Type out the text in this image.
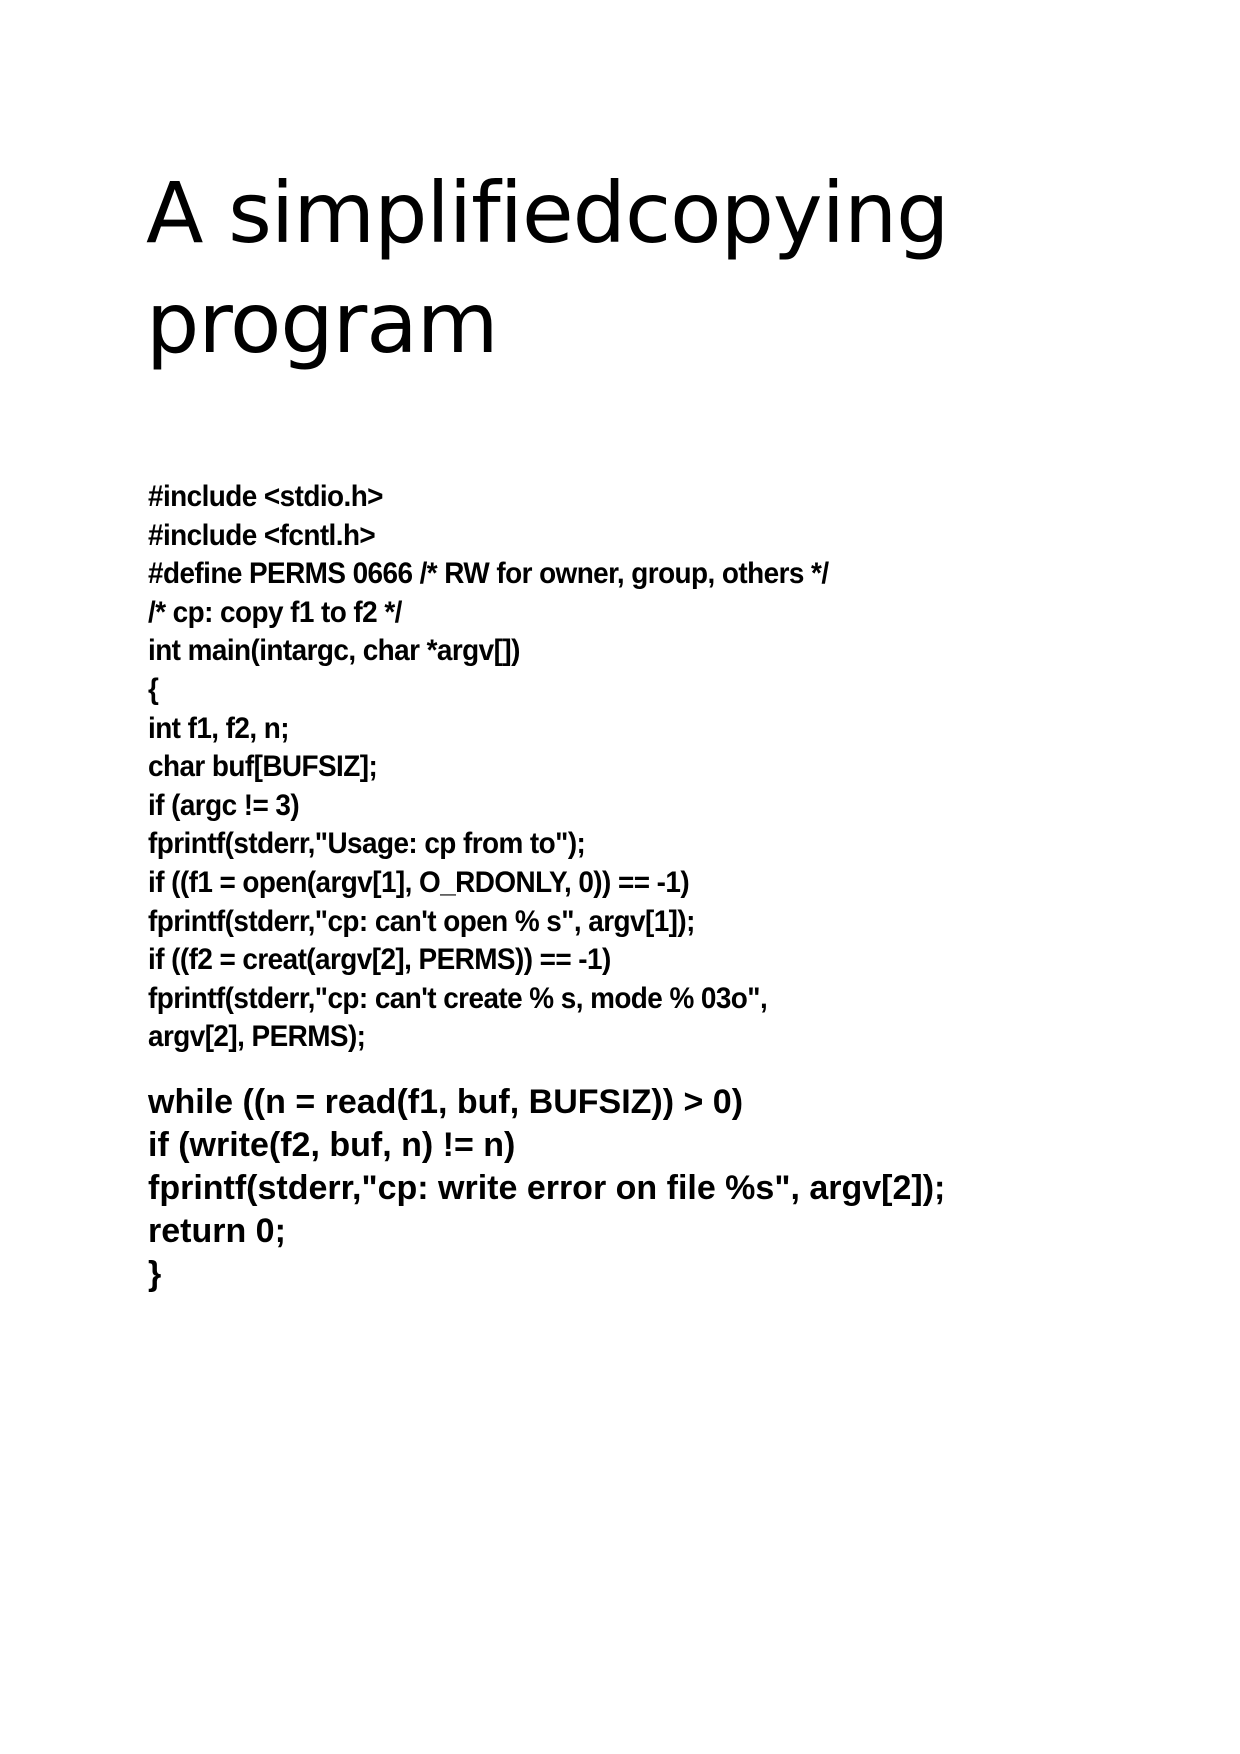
A simplifiedcopying
program
#include <stdio.h>
#include <fcntl.h>
#define PERMS 0666 /* RW for owner, group, others */
/* cp: copy f1 to f2 */
int main(intargc, char *argv[])
{
int f1, f2, n;
char buf[BUFSIZ];
if (argc != 3)
fprintf(stderr,"Usage: cp from to");
if ((f1 = open(argv[1], O_RDONLY, 0)) == -1)
fprintf(stderr,"cp: can't open % s", argv[1]);
if ((f2 = creat(argv[2], PERMS)) == -1)
fprintf(stderr,"cp: can't create % s, mode % 03o",
argv[2], PERMS);
while ((n = read(f1, buf, BUFSIZ)) > 0)
if (write(f2, buf, n) != n)
fprintf(stderr,"cp: write error on file %s", argv[2]);
return 0;
}
